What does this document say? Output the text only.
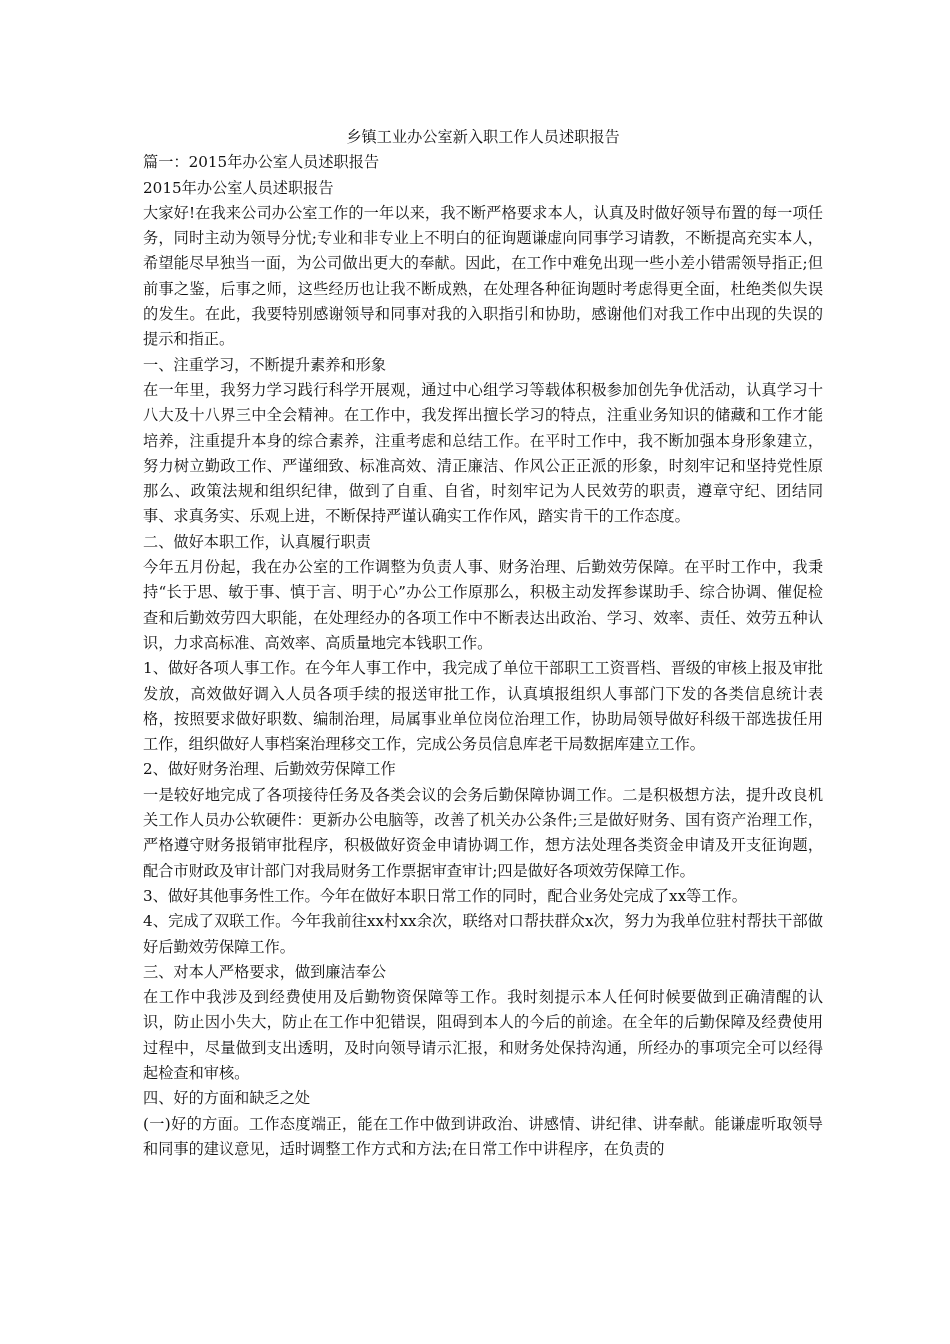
乡镇工业办公室新入职工作人员述职报告

篇一：2015年办公室人员述职报告

2015年办公室人员述职报告

大家好!在我来公司办公室工作的一年以来，我不断严格要求本人，认真及时做好领导布置的每一项任务，同时主动为领导分忧;专业和非专业上不明白的征询题谦虚向同事学习请教，不断提高充实本人，希望能尽早独当一面，为公司做出更大的奉献。因此，在工作中难免出现一些小差小错需领导指正;但前事之鉴，后事之师，这些经历也让我不断成熟，在处理各种征询题时考虑得更全面，杜绝类似失误的发生。在此，我要特别感谢领导和同事对我的入职指引和协助，感谢他们对我工作中出现的失误的提示和指正。

一、注重学习，不断提升素养和形象

在一年里，我努力学习践行科学开展观，通过中心组学习等载体积极参加创先争优活动，认真学习十八大及十八界三中全会精神。在工作中，我发挥出擅长学习的特点，注重业务知识的储藏和工作才能培养，注重提升本身的综合素养，注重考虑和总结工作。在平时工作中，我不断加强本身形象建立，努力树立勤政工作、严谨细致、标准高效、清正廉洁、作风公正正派的形象，时刻牢记和坚持党性原那么、政策法规和组织纪律，做到了自重、自省，时刻牢记为人民效劳的职责，遵章守纪、团结同事、求真务实、乐观上进，不断保持严谨认确实工作作风，踏实肯干的工作态度。

二、做好本职工作，认真履行职责

今年五月份起，我在办公室的工作调整为负责人事、财务治理、后勤效劳保障。在平时工作中，我秉持“长于思、敏于事、慎于言、明于心”办公工作原那么，积极主动发挥参谋助手、综合协调、催促检查和后勤效劳四大职能，在处理经办的各项工作中不断表达出政治、学习、效率、责任、效劳五种认识，力求高标准、高效率、高质量地完本钱职工作。

1、做好各项人事工作。在今年人事工作中，我完成了单位干部职工工资晋档、晋级的审核上报及审批发放，高效做好调入人员各项手续的报送审批工作，认真填报组织人事部门下发的各类信息统计表格，按照要求做好职数、编制治理，局属事业单位岗位治理工作，协助局领导做好科级干部选拔任用工作，组织做好人事档案治理移交工作，完成公务员信息库老干局数据库建立工作。

2、做好财务治理、后勤效劳保障工作

一是较好地完成了各项接待任务及各类会议的会务后勤保障协调工作。二是积极想方法，提升改良机关工作人员办公软硬件：更新办公电脑等，改善了机关办公条件;三是做好财务、国有资产治理工作，严格遵守财务报销审批程序，积极做好资金申请协调工作，想方法处理各类资金申请及开支征询题，配合市财政及审计部门对我局财务工作票据审查审计;四是做好各项效劳保障工作。

3、做好其他事务性工作。今年在做好本职日常工作的同时，配合业务处完成了xx等工作。

4、完成了双联工作。今年我前往xx村xx余次，联络对口帮扶群众x次，努力为我单位驻村帮扶干部做好后勤效劳保障工作。

三、对本人严格要求，做到廉洁奉公

在工作中我涉及到经费使用及后勤物资保障等工作。我时刻提示本人任何时候要做到正确清醒的认识，防止因小失大，防止在工作中犯错误，阻碍到本人的今后的前途。在全年的后勤保障及经费使用过程中，尽量做到支出透明，及时向领导请示汇报，和财务处保持沟通，所经办的事项完全可以经得起检查和审核。

四、好的方面和缺乏之处

(一)好的方面。工作态度端正，能在工作中做到讲政治、讲感情、讲纪律、讲奉献。能谦虚听取领导和同事的建议意见，适时调整工作方式和方法;在日常工作中讲程序，在负责的
